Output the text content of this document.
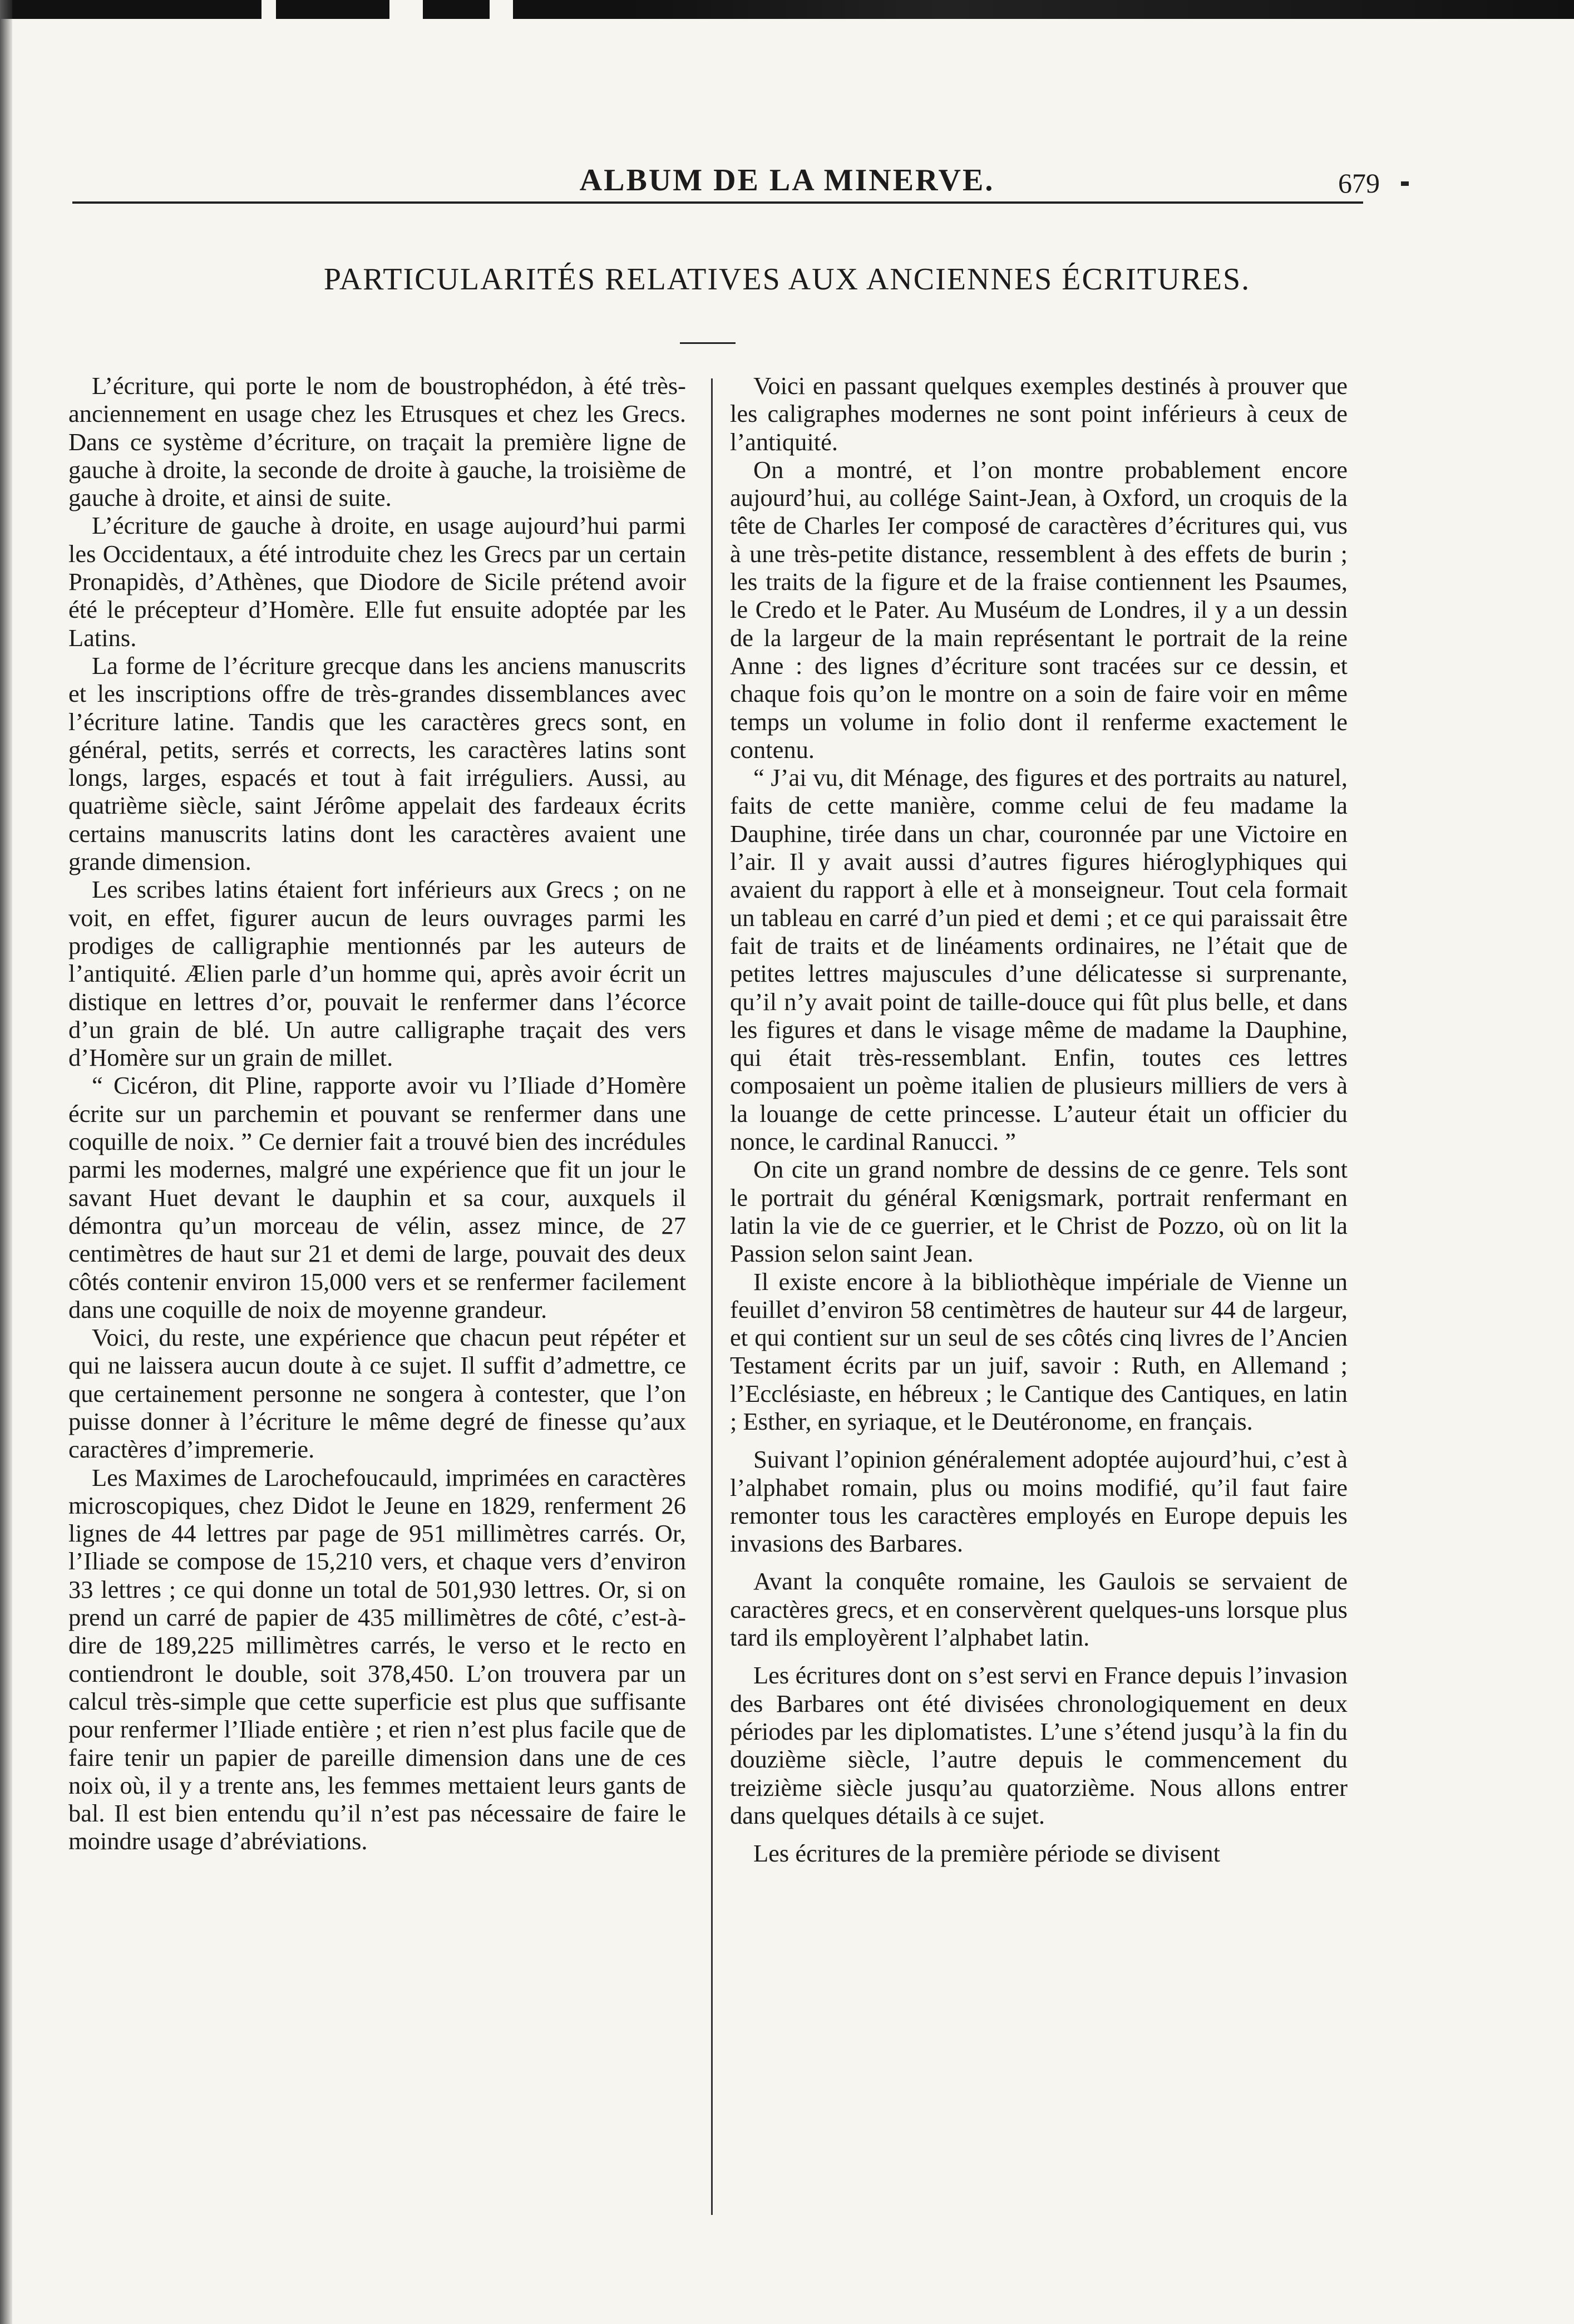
ALBUM DE LA MINERVE.	679
PARTICULARITÉS RELATIVES AUX ANCIENNES ÉCRITURES.

L’écriture, qui porte le nom de boustrophédon, à été très-anciennement en usage chez les Etrusques et chez les Grecs. Dans ce système d’écriture, on traçait la première ligne de gauche à droite, la seconde de droite à gauche, la troisième de gauche à droite, et ainsi de suite.

L’écriture de gauche à droite, en usage aujourd’hui parmi les Occidentaux, a été introduite chez les Grecs par un certain Pronapidès, d’Athènes, que Diodore de Sicile prétend avoir été le précepteur d’Homère. Elle fut ensuite adoptée par les Latins.

La forme de l’écriture grecque dans les anciens manuscrits et les inscriptions offre de très-grandes dissemblances avec l’écriture latine. Tandis que les caractères grecs sont, en général, petits, serrés et corrects, les caractères latins sont longs, larges, espacés et tout à fait irréguliers. Aussi, au quatrième siècle, saint Jérôme appelait des fardeaux écrits certains manuscrits latins dont les caractères avaient une grande dimension.

Les scribes latins étaient fort inférieurs aux Grecs ; on ne voit, en effet, figurer aucun de leurs ouvrages parmi les prodiges de calligraphie mentionnés par les auteurs de l’antiquité. Ælien parle d’un homme qui, après avoir écrit un distique en lettres d’or, pouvait le renfermer dans l’écorce d’un grain de blé. Un autre calligraphe traçait des vers d’Homère sur un grain de millet.

“ Cicéron, dit Pline, rapporte avoir vu l’Iliade d’Homère écrite sur un parchemin et pouvant se renfermer dans une coquille de noix. ” Ce dernier fait a trouvé bien des incrédules parmi les modernes, malgré une expérience que fit un jour le savant Huet devant le dauphin et sa cour, auxquels il démontra qu’un morceau de vélin, assez mince, de 27 centimètres de haut sur 21 et demi de large, pouvait des deux côtés contenir environ 15,000 vers et se renfermer facilement dans une coquille de noix de moyenne grandeur.

Voici, du reste, une expérience que chacun peut répéter et qui ne laissera aucun doute à ce sujet. Il suffit d’admettre, ce que certainement personne ne songera à contester, que l’on puisse donner à l’écriture le même degré de finesse qu’aux caractères d’impremerie.

Les Maximes de Larochefoucauld, imprimées en caractères microscopiques, chez Didot le Jeune en 1829, renferment 26 lignes de 44 lettres par page de 951 millimètres carrés. Or, l’Iliade se compose de 15,210 vers, et chaque vers d’environ 33 lettres ; ce qui donne un total de 501,930 lettres. Or, si on prend un carré de papier de 435 millimètres de côté, c’est-à-dire de 189,225 millimètres carrés, le verso et le recto en contiendront le double, soit 378,450. L’on trouvera par un calcul très-simple que cette superficie est plus que suffisante pour renfermer l’Iliade entière ; et rien n’est plus facile que de faire tenir un papier de pareille dimension dans une de ces noix où, il y a trente ans, les femmes mettaient leurs gants de bal. Il est bien entendu qu’il n’est pas nécessaire de faire le moindre usage d’abréviations.

Voici en passant quelques exemples destinés à prouver que les caligraphes modernes ne sont point inférieurs à ceux de l’antiquité.

On a montré, et l’on montre probablement encore aujourd’hui, au collége Saint-Jean, à Oxford, un croquis de la tête de Charles Ier composé de caractères d’écritures qui, vus à une très-petite distance, ressemblent à des effets de burin ; les traits de la figure et de la fraise contiennent les Psaumes, le Credo et le Pater. Au Muséum de Londres, il y a un dessin de la largeur de la main représentant le portrait de la reine Anne : des lignes d’écriture sont tracées sur ce dessin, et chaque fois qu’on le montre on a soin de faire voir en même temps un volume in folio dont il renferme exactement le contenu.

“ J’ai vu, dit Ménage, des figures et des portraits au naturel, faits de cette manière, comme celui de feu madame la Dauphine, tirée dans un char, couronnée par une Victoire en l’air. Il y avait aussi d’autres figures hiéroglyphiques qui avaient du rapport à elle et à monseigneur. Tout cela formait un tableau en carré d’un pied et demi ; et ce qui paraissait être fait de traits et de linéaments ordinaires, ne l’était que de petites lettres majuscules d’une délicatesse si surprenante, qu’il n’y avait point de taille-douce qui fût plus belle, et dans les figures et dans le visage même de madame la Dauphine, qui était très-ressemblant. Enfin, toutes ces lettres composaient un poème italien de plusieurs milliers de vers à la louange de cette princesse. L’auteur était un officier du nonce, le cardinal Ranucci. ”

On cite un grand nombre de dessins de ce genre. Tels sont le portrait du général Kœnigsmark, portrait renfermant en latin la vie de ce guerrier, et le Christ de Pozzo, où on lit la Passion selon saint Jean.

Il existe encore à la bibliothèque impériale de Vienne un feuillet d’environ 58 centimètres de hauteur sur 44 de largeur, et qui contient sur un seul de ses côtés cinq livres de l’Ancien Testament écrits par un juif, savoir : Ruth, en Allemand ; l’Ecclésiaste, en hébreux ; le Cantique des Cantiques, en latin ; Esther, en syriaque, et le Deutéronome, en français.

Suivant l’opinion généralement adoptée aujourd’hui, c’est à l’alphabet romain, plus ou moins modifié, qu’il faut faire remonter tous les caractères employés en Europe depuis les invasions des Barbares.

Avant la conquête romaine, les Gaulois se servaient de caractères grecs, et en conservèrent quelques-uns lorsque plus tard ils employèrent l’alphabet latin.

Les écritures dont on s’est servi en France depuis l’invasion des Barbares ont été divisées chronologiquement en deux périodes par les diplomatistes. L’une s’étend jusqu’à la fin du douzième siècle, l’autre depuis le commencement du treizième siècle jusqu’au quatorzième. Nous allons entrer dans quelques détails à ce sujet.

Les écritures de la première période se divisent
